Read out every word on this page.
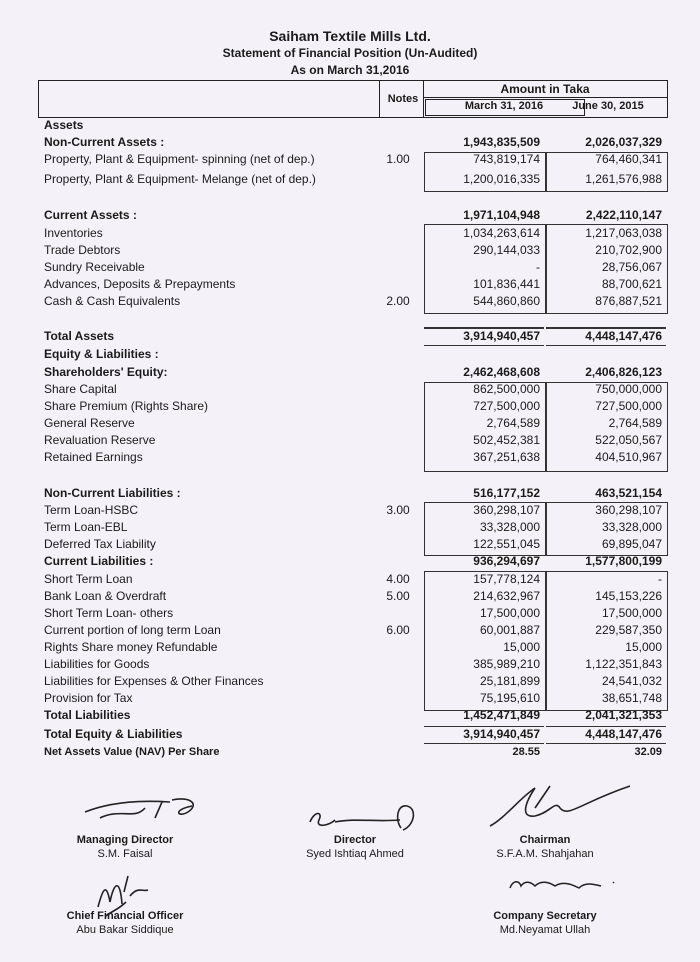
Saiham Textile Mills Ltd.
Statement of Financial Position (Un-Audited)
As on March 31,2016
Notes
Amount in Taka
March 31, 2016	June 30, 2015
Assets
Non-Current Assets :	1,943,835,509	2,026,037,329
Property, Plant & Equipment- spinning (net of dep.)	1.00	743,819,174	764,460,341
Property, Plant & Equipment- Melange (net of dep.)	1,200,016,335	1,261,576,988
Current Assets :	1,971,104,948	2,422,110,147
Inventories	1,034,263,614	1,217,063,038
Trade Debtors	290,144,033	210,702,900
Sundry Receivable	-	28,756,067
Advances, Deposits & Prepayments	101,836,441	88,700,621
Cash & Cash Equivalents	2.00	544,860,860	876,887,521
Total Assets	3,914,940,457	4,448,147,476
Equity & Liabilities :
Shareholders' Equity:	2,462,468,608	2,406,826,123
Share Capital	862,500,000	750,000,000
Share Premium (Rights Share)	727,500,000	727,500,000
General Reserve	2,764,589	2,764,589
Revaluation Reserve	502,452,381	522,050,567
Retained Earnings	367,251,638	404,510,967
Non-Current Liabilities :	516,177,152	463,521,154
Term Loan-HSBC	3.00	360,298,107	360,298,107
Term Loan-EBL	33,328,000	33,328,000
Deferred Tax Liability	122,551,045	69,895,047
Current Liabilities :	936,294,697	1,577,800,199
Short Term Loan	4.00	157,778,124	-
Bank Loan & Overdraft	5.00	214,632,967	145,153,226
Short Term Loan- others	17,500,000	17,500,000
Current portion of long term Loan	6.00	60,001,887	229,587,350
Rights Share money Refundable	15,000	15,000
Liabilities for Goods	385,989,210	1,122,351,843
Liabilities for Expenses & Other Finances	25,181,899	24,541,032
Provision for Tax	75,195,610	38,651,748
Total Liabilities	1,452,471,849	2,041,321,353
Total Equity & Liabilities	3,914,940,457	4,448,147,476
Net Assets Value (NAV) Per Share	28.55	32.09
Managing Director
S.M. Faisal
Director
Syed Ishtiaq Ahmed
Chairman
S.F.A.M. Shahjahan
Chief Financial Officer
Abu Bakar Siddique
Company Secretary
Md.Neyamat Ullah
